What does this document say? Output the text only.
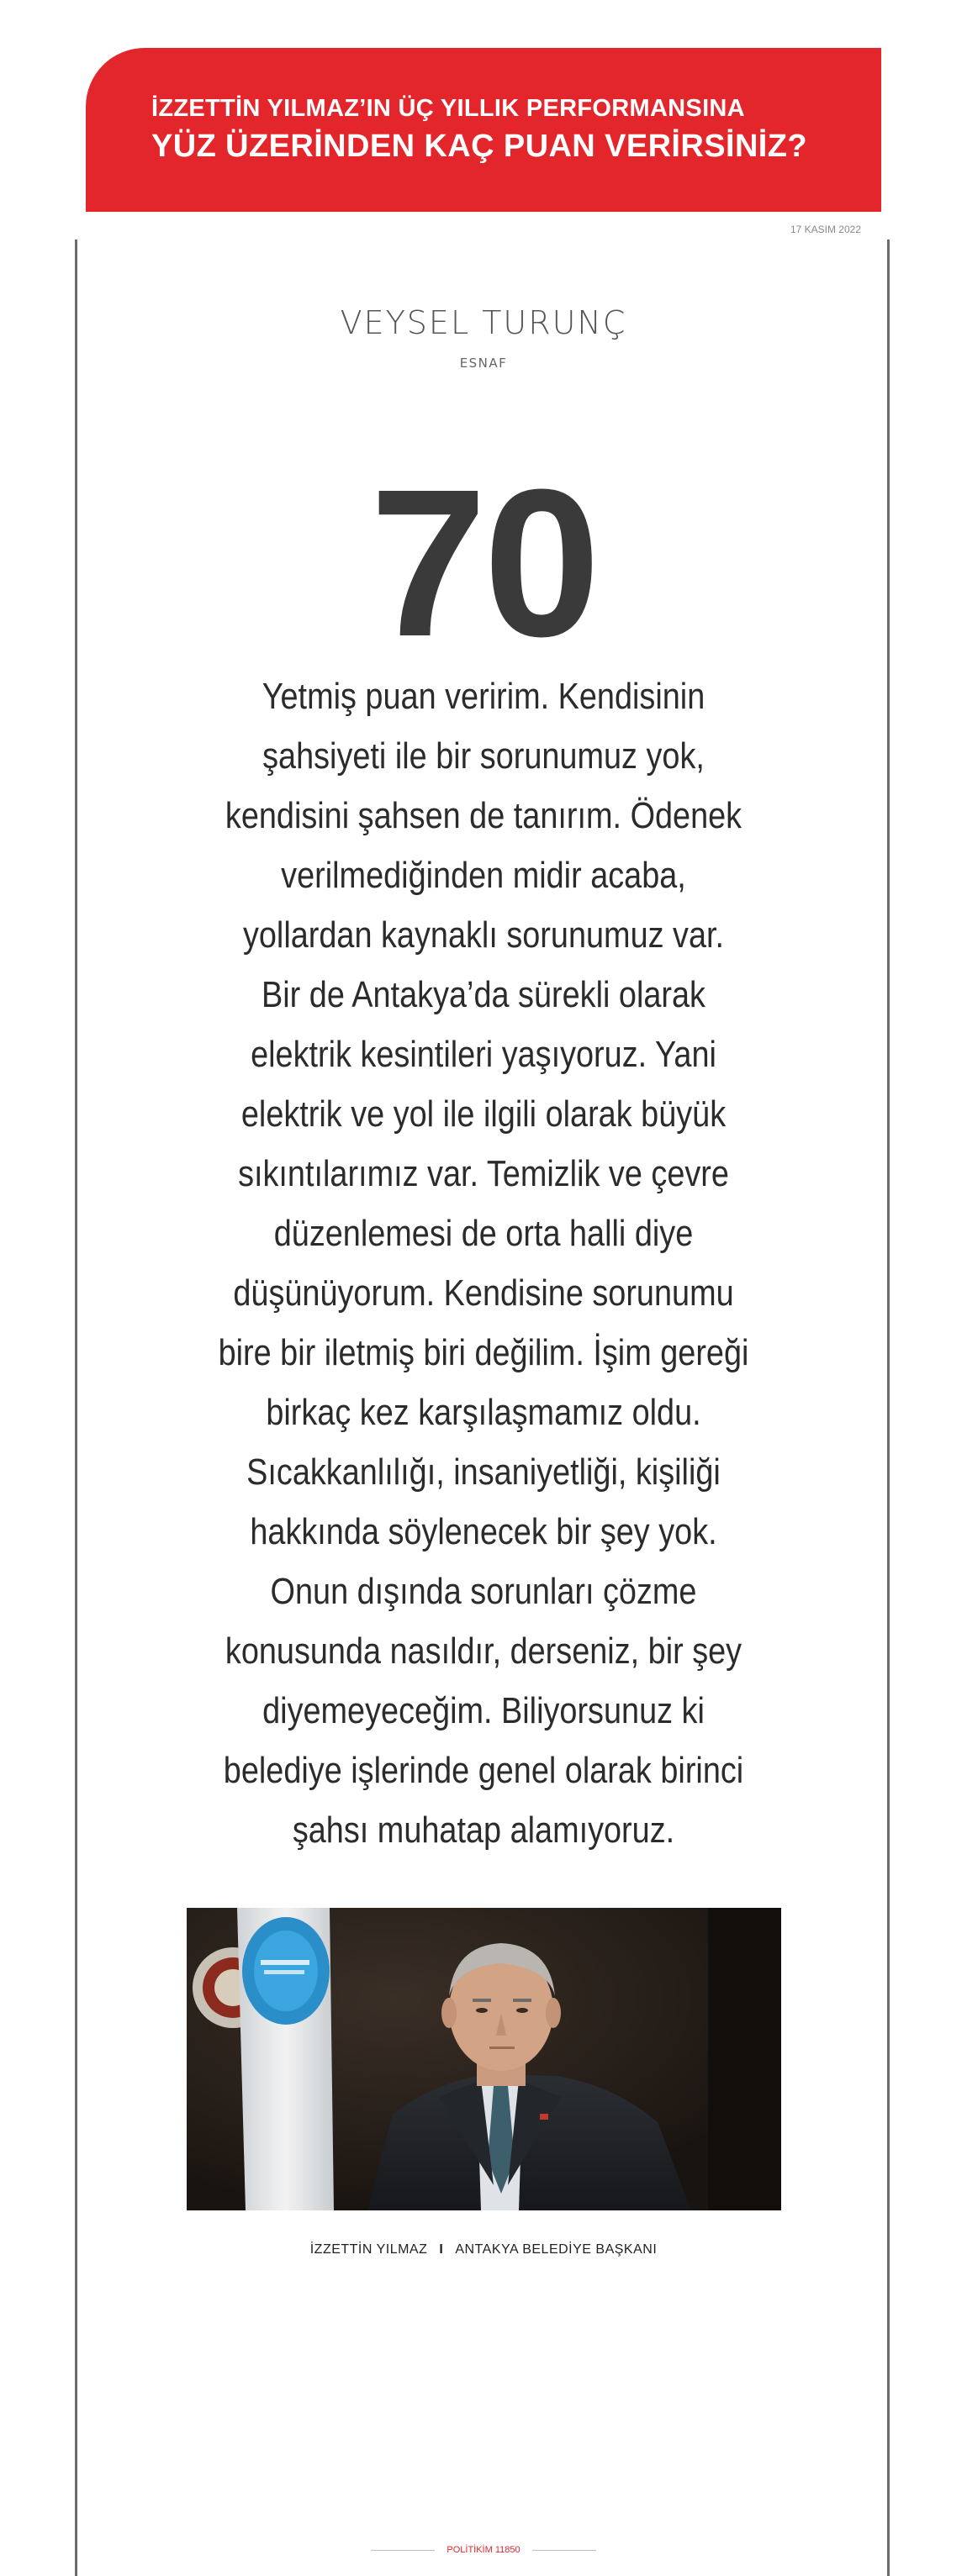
İZZETTİN YILMAZ’IN ÜÇ YILLIK PERFORMANSINA
YÜZ ÜZERİNDEN KAÇ PUAN VERİRSİNİZ?
17 KASIM 2022
VEYSEL TURUNÇ
ESNAF
70
Yetmiş puan veririm. Kendisinin
şahsiyeti ile bir sorunumuz yok,
kendisini şahsen de tanırım. Ödenek
verilmediğinden midir acaba,
yollardan kaynaklı sorunumuz var.
Bir de Antakya’da sürekli olarak
elektrik kesintileri yaşıyoruz. Yani
elektrik ve yol ile ilgili olarak büyük
sıkıntılarımız var. Temizlik ve çevre
düzenlemesi de orta halli diye
düşünüyorum. Kendisine sorunumu
bire bir iletmiş biri değilim. İşim gereği
birkaç kez karşılaşmamız oldu.
Sıcakkanlılığı, insaniyetliği, kişiliği
hakkında söylenecek bir şey yok.
Onun dışında sorunları çözme
konusunda nasıldır, derseniz, bir şey
diyemeyeceğim. Biliyorsunuz ki
belediye işlerinde genel olarak birinci
şahsı muhatap alamıyoruz.
İZZETTİN YILMAZ I ANTAKYA BELEDİYE BAŞKANI
POLİTİKİM 11850
